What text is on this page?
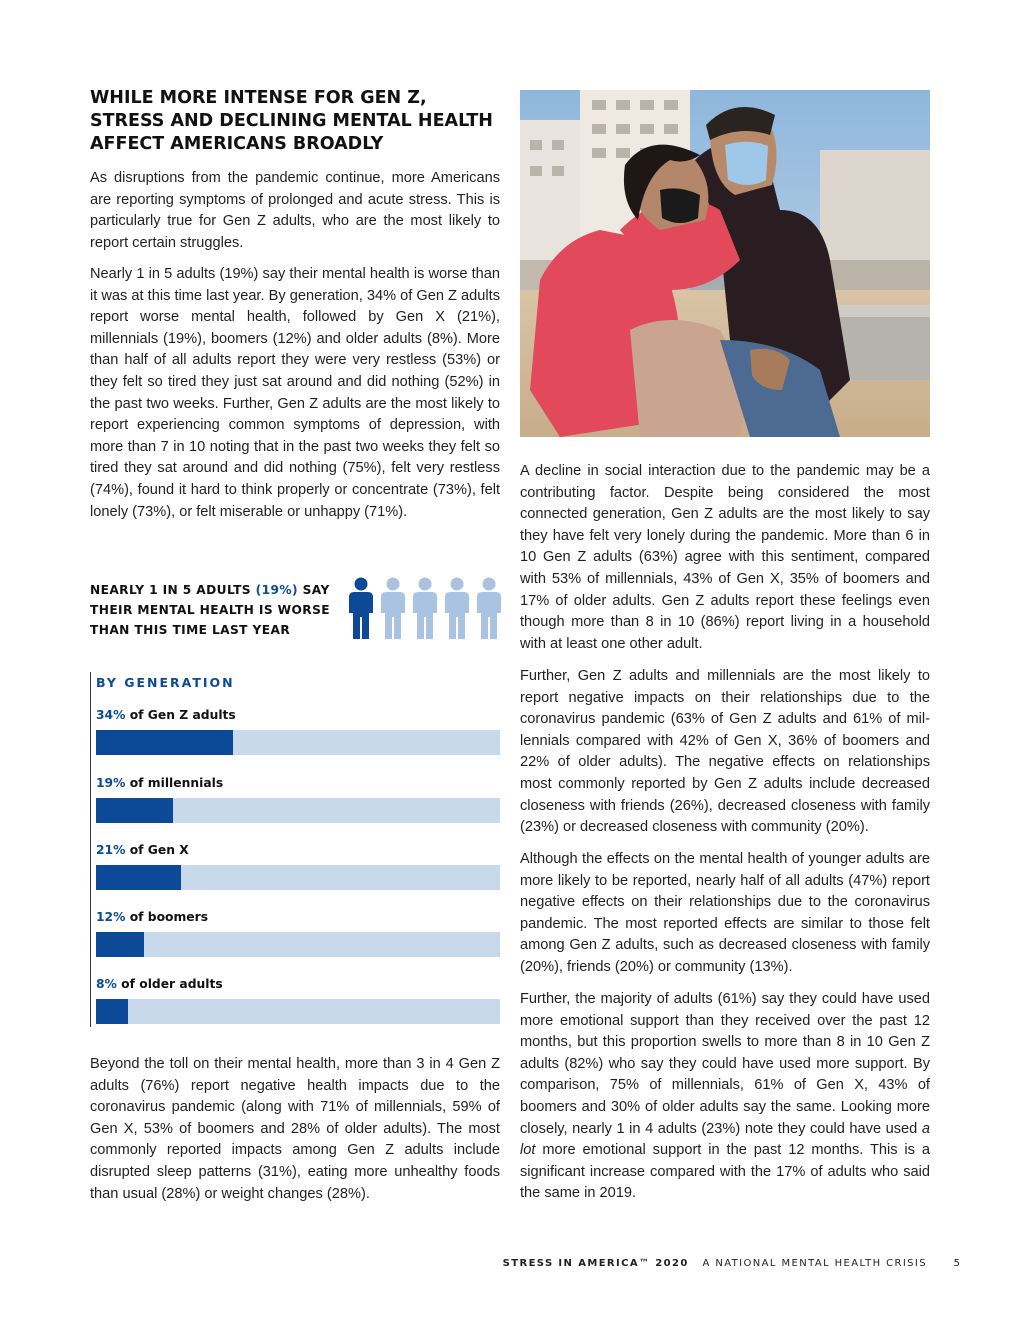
WHILE MORE INTENSE FOR GEN Z,
STRESS AND DECLINING MENTAL HEALTH
AFFECT AMERICANS BROADLY

As disruptions from the pandemic continue, more Americans are reporting symptoms of prolonged and acute stress. This is particularly true for Gen Z adults, who are the most likely to report certain struggles.

Nearly 1 in 5 adults (19%) say their mental health is worse than it was at this time last year. By generation, 34% of Gen Z adults report worse mental health, followed by Gen X (21%), millennials (19%), boomers (12%) and older adults (8%). More than half of all adults report they were very restless (53%) or they felt so tired they just sat around and did nothing (52%) in the past two weeks. Further, Gen Z adults are the most likely to report experiencing common symptoms of depression, with more than 7 in 10 noting that in the past two weeks they felt so tired they sat around and did nothing (75%), felt very restless (74%), found it hard to think properly or concentrate (73%), felt lonely (73%), or felt miserable or unhappy (71%).

NEARLY 1 IN 5 ADULTS (19%) SAY THEIR MENTAL HEALTH IS WORSE THAN THIS TIME LAST YEAR

BY GENERATION

34% of Gen Z adults
19% of millennials
21% of Gen X
12% of boomers
8% of older adults

Beyond the toll on their mental health, more than 3 in 4 Gen Z adults (76%) report negative health impacts due to the coronavirus pandemic (along with 71% of millennials, 59% of Gen X, 53% of boomers and 28% of older adults). The most commonly reported impacts among Gen Z adults include disrupted sleep patterns (31%), eating more unhealthy foods than usual (28%) or weight changes (28%).

A decline in social interaction due to the pandemic may be a contributing factor. Despite being considered the most connected generation, Gen Z adults are the most likely to say they have felt very lonely during the pandemic. More than 6 in 10 Gen Z adults (63%) agree with this sentiment, compared with 53% of millennials, 43% of Gen X, 35% of boomers and 17% of older adults. Gen Z adults report these feelings even though more than 8 in 10 (86%) report living in a household with at least one other adult.

Further, Gen Z adults and millennials are the most likely to report negative impacts on their relationships due to the coronavirus pandemic (63% of Gen Z adults and 61% of millennials compared with 42% of Gen X, 36% of boomers and 22% of older adults). The negative effects on relationships most commonly reported by Gen Z adults include decreased closeness with friends (26%), decreased closeness with family (23%) or decreased closeness with community (20%).

Although the effects on the mental health of younger adults are more likely to be reported, nearly half of all adults (47%) report negative effects on their relationships due to the coronavirus pandemic. The most reported effects are similar to those felt among Gen Z adults, such as decreased closeness with family (20%), friends (20%) or community (13%).

Further, the majority of adults (61%) say they could have used more emotional support than they received over the past 12 months, but this proportion swells to more than 8 in 10 Gen Z adults (82%) who say they could have used more support. By comparison, 75% of millennials, 61% of Gen X, 43% of boomers and 30% of older adults say the same. Looking more closely, nearly 1 in 4 adults (23%) note they could have used a lot more emotional support in the past 12 months. This is a significant increase compared with the 17% of adults who said the same in 2019.

STRESS IN AMERICA™ 2020 A NATIONAL MENTAL HEALTH CRISIS	5
